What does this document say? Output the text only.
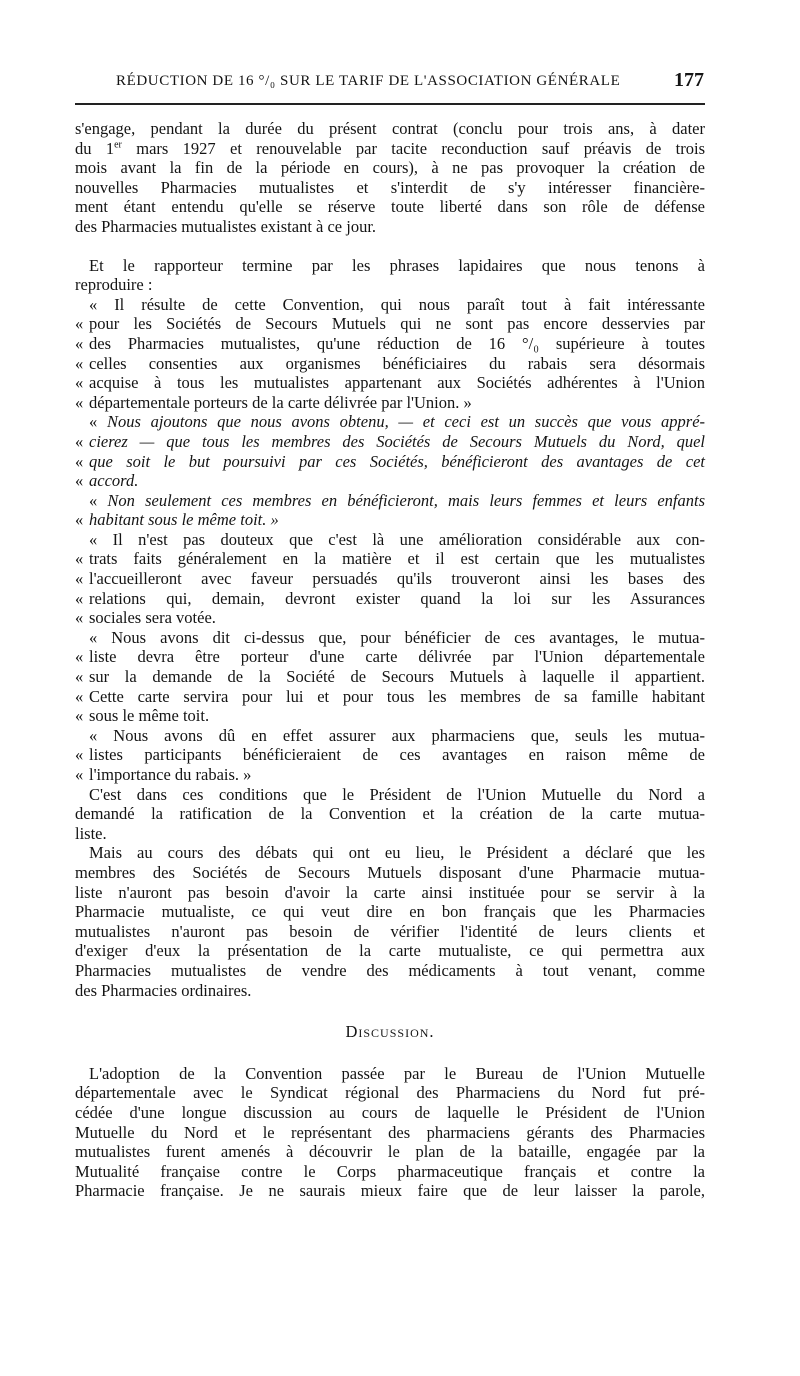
RÉDUCTION DE 16 °/₀ SUR LE TARIF DE L'ASSOCIATION GÉNÉRALE	177

s'engage, pendant la durée du présent contrat (conclu pour trois ans, à dater

du 1er mars 1927 et renouvelable par tacite reconduction sauf préavis de trois

mois avant la fin de la période en cours), à ne pas provoquer la création de

nouvelles Pharmacies mutualistes et s'interdit de s'y intéresser financière-

ment étant entendu qu'elle se réserve toute liberté dans son rôle de défense

des Pharmacies mutualistes existant à ce jour.

Et le rapporteur termine par les phrases lapidaires que nous tenons à

reproduire :

« Il résulte de cette Convention, qui nous paraît tout à fait intéressante

« pour les Sociétés de Secours Mutuels qui ne sont pas encore desservies par

« des Pharmacies mutualistes, qu'une réduction de 16 °/₀ supérieure à toutes

« celles consenties aux organismes bénéficiaires du rabais sera désormais

« acquise à tous les mutualistes appartenant aux Sociétés adhérentes à l'Union

« départementale porteurs de la carte délivrée par l'Union. »

« Nous ajoutons que nous avons obtenu, — et ceci est un succès que vous appré-

« cierez — que tous les membres des Sociétés de Secours Mutuels du Nord, quel

« que soit le but poursuivi par ces Sociétés, bénéficieront des avantages de cet

« accord.

« Non seulement ces membres en bénéficieront, mais leurs femmes et leurs enfants

« habitant sous le même toit. »

« Il n'est pas douteux que c'est là une amélioration considérable aux con-

« trats faits généralement en la matière et il est certain que les mutualistes

« l'accueilleront avec faveur persuadés qu'ils trouveront ainsi les bases des

« relations qui, demain, devront exister quand la loi sur les Assurances

« sociales sera votée.

« Nous avons dit ci-dessus que, pour bénéficier de ces avantages, le mutua-

« liste devra être porteur d'une carte délivrée par l'Union départementale

« sur la demande de la Société de Secours Mutuels à laquelle il appartient.

« Cette carte servira pour lui et pour tous les membres de sa famille habitant

« sous le même toit.

« Nous avons dû en effet assurer aux pharmaciens que, seuls les mutua-

« listes participants bénéficieraient de ces avantages en raison même de

« l'importance du rabais. »

C'est dans ces conditions que le Président de l'Union Mutuelle du Nord a

demandé la ratification de la Convention et la création de la carte mutua-

liste.

Mais au cours des débats qui ont eu lieu, le Président a déclaré que les

membres des Sociétés de Secours Mutuels disposant d'une Pharmacie mutua-

liste n'auront pas besoin d'avoir la carte ainsi instituée pour se servir à la

Pharmacie mutualiste, ce qui veut dire en bon français que les Pharmacies

mutualistes n'auront pas besoin de vérifier l'identité de leurs clients et

d'exiger d'eux la présentation de la carte mutualiste, ce qui permettra aux

Pharmacies mutualistes de vendre des médicaments à tout venant, comme

des Pharmacies ordinaires.

Discussion.

L'adoption de la Convention passée par le Bureau de l'Union Mutuelle

départementale avec le Syndicat régional des Pharmaciens du Nord fut pré-

cédée d'une longue discussion au cours de laquelle le Président de l'Union

Mutuelle du Nord et le représentant des pharmaciens gérants des Pharmacies

mutualistes furent amenés à découvrir le plan de la bataille, engagée par la

Mutualité française contre le Corps pharmaceutique français et contre la

Pharmacie française. Je ne saurais mieux faire que de leur laisser la parole,
